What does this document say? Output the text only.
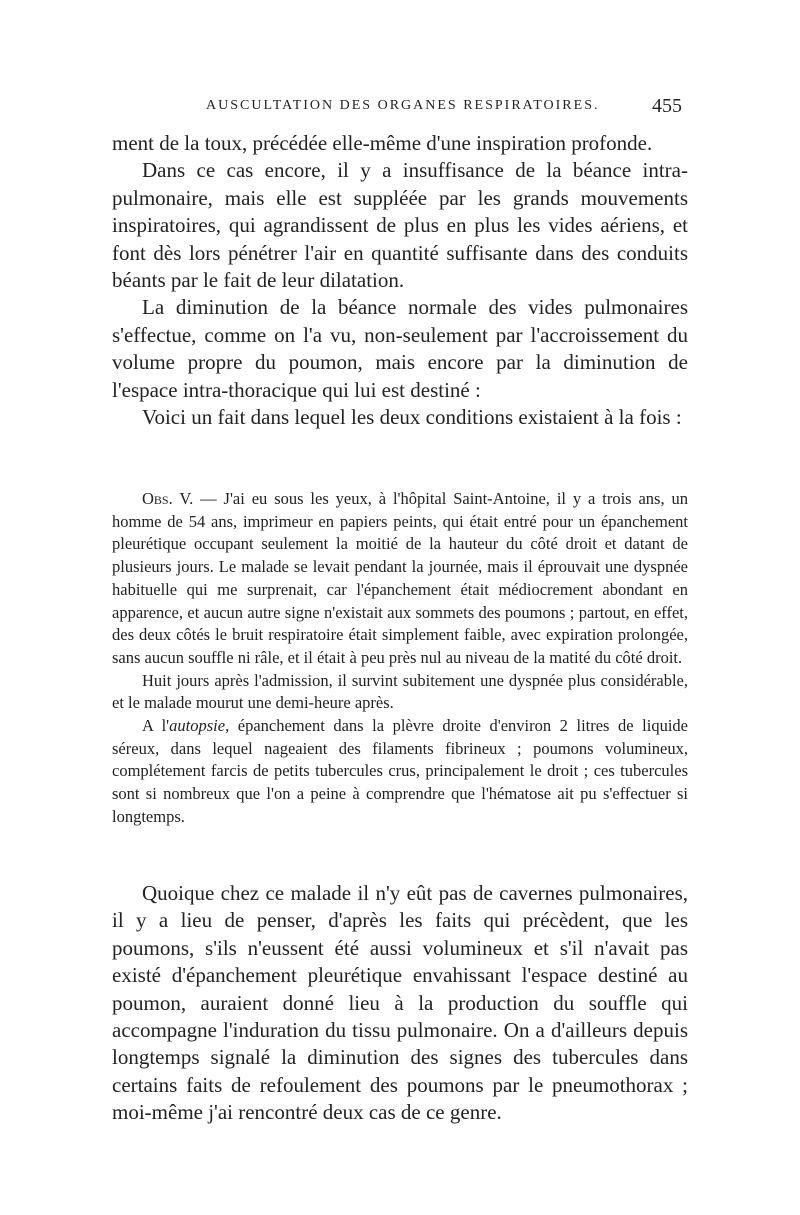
AUSCULTATION DES ORGANES RESPIRATOIRES.	455

ment de la toux, précédée elle-même d'une inspiration profonde.

Dans ce cas encore, il y a insuffisance de la béance intra-pulmonaire, mais elle est suppléée par les grands mouvements inspiratoires, qui agrandissent de plus en plus les vides aériens, et font dès lors pénétrer l'air en quantité suffisante dans des conduits béants par le fait de leur dilatation.

La diminution de la béance normale des vides pulmonaires s'effectue, comme on l'a vu, non-seulement par l'accroissement du volume propre du poumon, mais encore par la diminution de l'espace intra-thoracique qui lui est destiné :

Voici un fait dans lequel les deux conditions existaient à la fois :

Obs. V. — J'ai eu sous les yeux, à l'hôpital Saint-Antoine, il y a trois ans, un homme de 54 ans, imprimeur en papiers peints, qui était entré pour un épanchement pleurétique occupant seulement la moitié de la hauteur du côté droit et datant de plusieurs jours. Le malade se levait pendant la journée, mais il éprouvait une dyspnée habituelle qui me surprenait, car l'épanchement était médiocrement abondant en apparence, et aucun autre signe n'existait aux sommets des poumons ; partout, en effet, des deux côtés le bruit respiratoire était simplement faible, avec expiration prolongée, sans aucun souffle ni râle, et il était à peu près nul au niveau de la matité du côté droit.

Huit jours après l'admission, il survint subitement une dyspnée plus considérable, et le malade mourut une demi-heure après.

A l'autopsie, épanchement dans la plèvre droite d'environ 2 litres de liquide séreux, dans lequel nageaient des filaments fibrineux ; poumons volumineux, complétement farcis de petits tubercules crus, principalement le droit ; ces tubercules sont si nombreux que l'on a peine à comprendre que l'hématose ait pu s'effectuer si longtemps.

Quoique chez ce malade il n'y eût pas de cavernes pulmonaires, il y a lieu de penser, d'après les faits qui précèdent, que les poumons, s'ils n'eussent été aussi volumineux et s'il n'avait pas existé d'épanchement pleurétique envahissant l'espace destiné au poumon, auraient donné lieu à la production du souffle qui accompagne l'induration du tissu pulmonaire. On a d'ailleurs depuis longtemps signalé la diminution des signes des tubercules dans certains faits de refoulement des poumons par le pneumothorax ; moi-même j'ai rencontré deux cas de ce genre.
